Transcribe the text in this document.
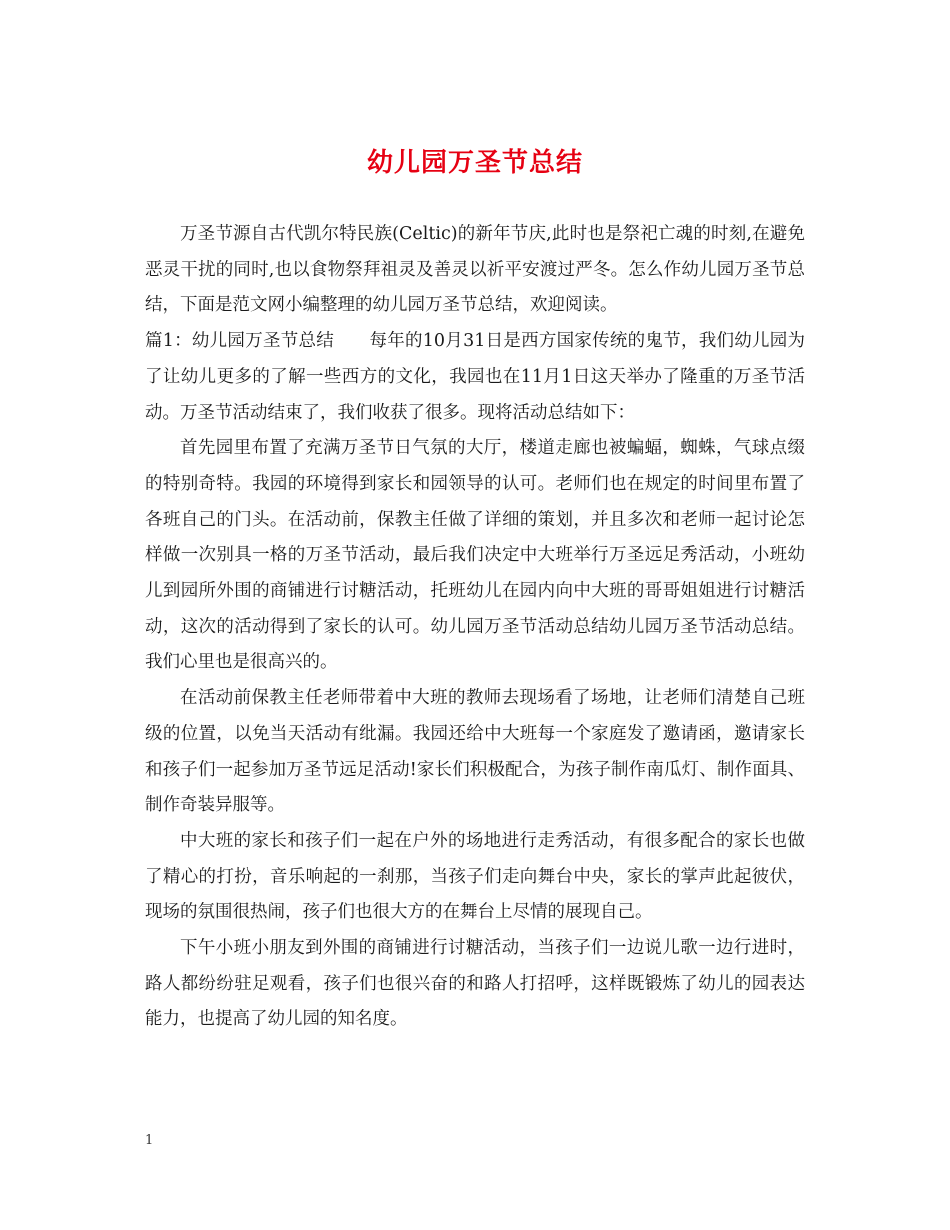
幼儿园万圣节总结

万圣节源自古代凯尔特民族(Celtic)的新年节庆,此时也是祭祀亡魂的时刻,在避免恶灵干扰的同时,也以食物祭拜祖灵及善灵以祈平安渡过严冬。怎么作幼儿园万圣节总结，下面是范文网小编整理的幼儿园万圣节总结，欢迎阅读。

篇1：幼儿园万圣节总结　　每年的10月31日是西方国家传统的鬼节，我们幼儿园为了让幼儿更多的了解一些西方的文化，我园也在11月1日这天举办了隆重的万圣节活动。万圣节活动结束了，我们收获了很多。现将活动总结如下：

首先园里布置了充满万圣节日气氛的大厅，楼道走廊也被蝙蝠，蜘蛛，气球点缀的特别奇特。我园的环境得到家长和园领导的认可。老师们也在规定的时间里布置了各班自己的门头。在活动前，保教主任做了详细的策划，并且多次和老师一起讨论怎样做一次别具一格的万圣节活动，最后我们决定中大班举行万圣远足秀活动，小班幼儿到园所外围的商铺进行讨糖活动，托班幼儿在园内向中大班的哥哥姐姐进行讨糖活动，这次的活动得到了家长的认可。幼儿园万圣节活动总结幼儿园万圣节活动总结。我们心里也是很高兴的。

在活动前保教主任老师带着中大班的教师去现场看了场地，让老师们清楚自己班级的位置，以免当天活动有纰漏。我园还给中大班每一个家庭发了邀请函，邀请家长和孩子们一起参加万圣节远足活动!家长们积极配合，为孩子制作南瓜灯、制作面具、制作奇装异服等。

中大班的家长和孩子们一起在户外的场地进行走秀活动，有很多配合的家长也做了精心的打扮，音乐响起的一刹那，当孩子们走向舞台中央，家长的掌声此起彼伏，现场的氛围很热闹，孩子们也很大方的在舞台上尽情的展现自己。

下午小班小朋友到外围的商铺进行讨糖活动，当孩子们一边说儿歌一边行进时，路人都纷纷驻足观看，孩子们也很兴奋的和路人打招呼，这样既锻炼了幼儿的园表达能力，也提高了幼儿园的知名度。

1
